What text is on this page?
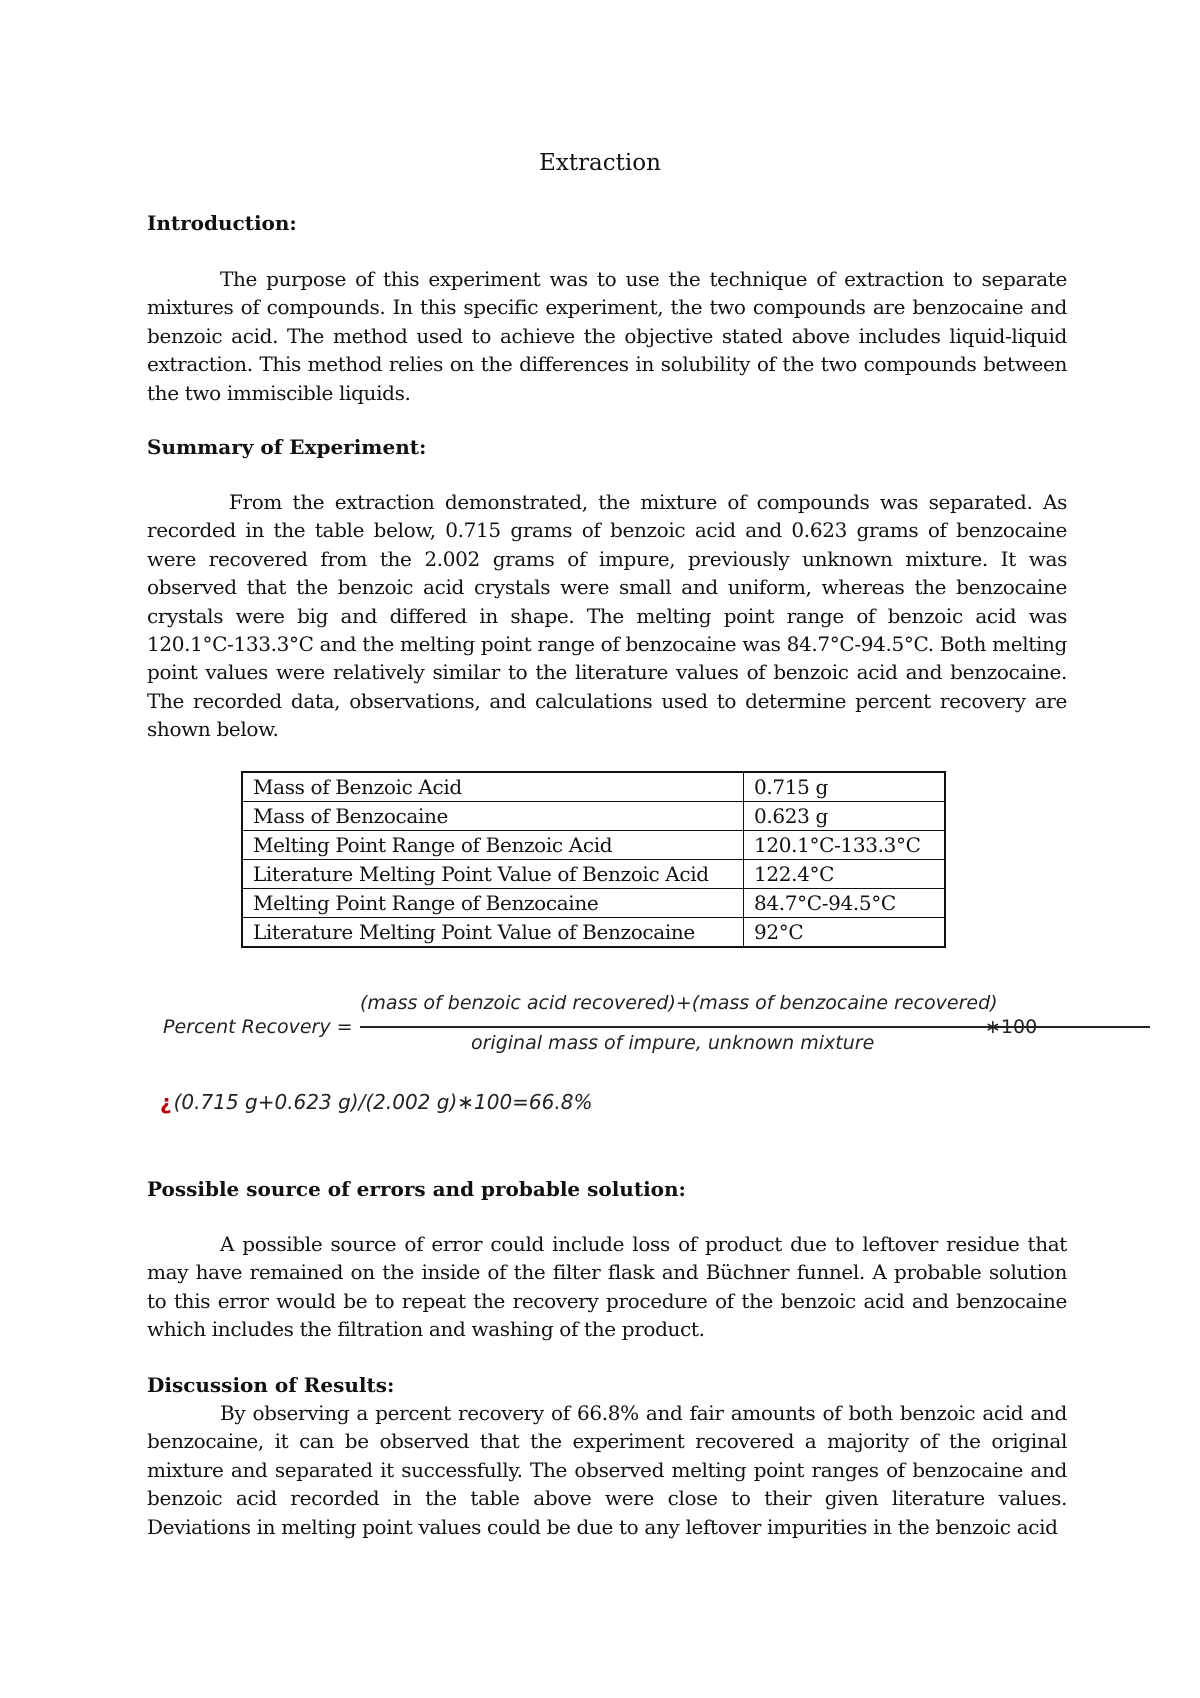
Extraction
Introduction:

The purpose of this experiment was to use the technique of extraction to separate mixtures of compounds. In this specific experiment, the two compounds are benzocaine and benzoic acid. The method used to achieve the objective stated above includes liquid-liquid extraction. This method relies on the differences in solubility of the two compounds between the two immiscible liquids.

Summary of Experiment:

From the extraction demonstrated, the mixture of compounds was separated. As recorded in the table below, 0.715 grams of benzoic acid and 0.623 grams of benzocaine were recovered from the 2.002 grams of impure, previously unknown mixture. It was observed that the benzoic acid crystals were small and uniform, whereas the benzocaine crystals were big and differed in shape. The melting point range of benzoic acid was 120.1°C-133.3°C and the melting point range of benzocaine was 84.7°C-94.5°C. Both melting point values were relatively similar to the literature values of benzoic acid and benzocaine. The recorded data, observations, and calculations used to determine percent recovery are shown below.

Mass of Benzoic Acid	0.715 g
Mass of Benzocaine	0.623 g
Melting Point Range of Benzoic Acid	120.1°C-133.3°C
Literature Melting Point Value of Benzoic Acid	122.4°C
Melting Point Range of Benzocaine	84.7°C-94.5°C
Literature Melting Point Value of Benzocaine	92°C
Percent Recovery =
(mass of benzoic acid recovered)+(mass of benzocaine recovered)
original mass of impure, unknown mixture
∗100
¿ (0.715 g+0.623 g)/(2.002 g)∗100=66.8%
Possible source of errors and probable solution:

A possible source of error could include loss of product due to leftover residue that may have remained on the inside of the filter flask and Büchner funnel. A probable solution to this error would be to repeat the recovery procedure of the benzoic acid and benzocaine which includes the filtration and washing of the product.

Discussion of Results:

By observing a percent recovery of 66.8% and fair amounts of both benzoic acid and benzocaine, it can be observed that the experiment recovered a majority of the original mixture and separated it successfully. The observed melting point ranges of benzocaine and benzoic acid recorded in the table above were close to their given literature values. Deviations in melting point values could be due to any leftover impurities in the benzoic acid
